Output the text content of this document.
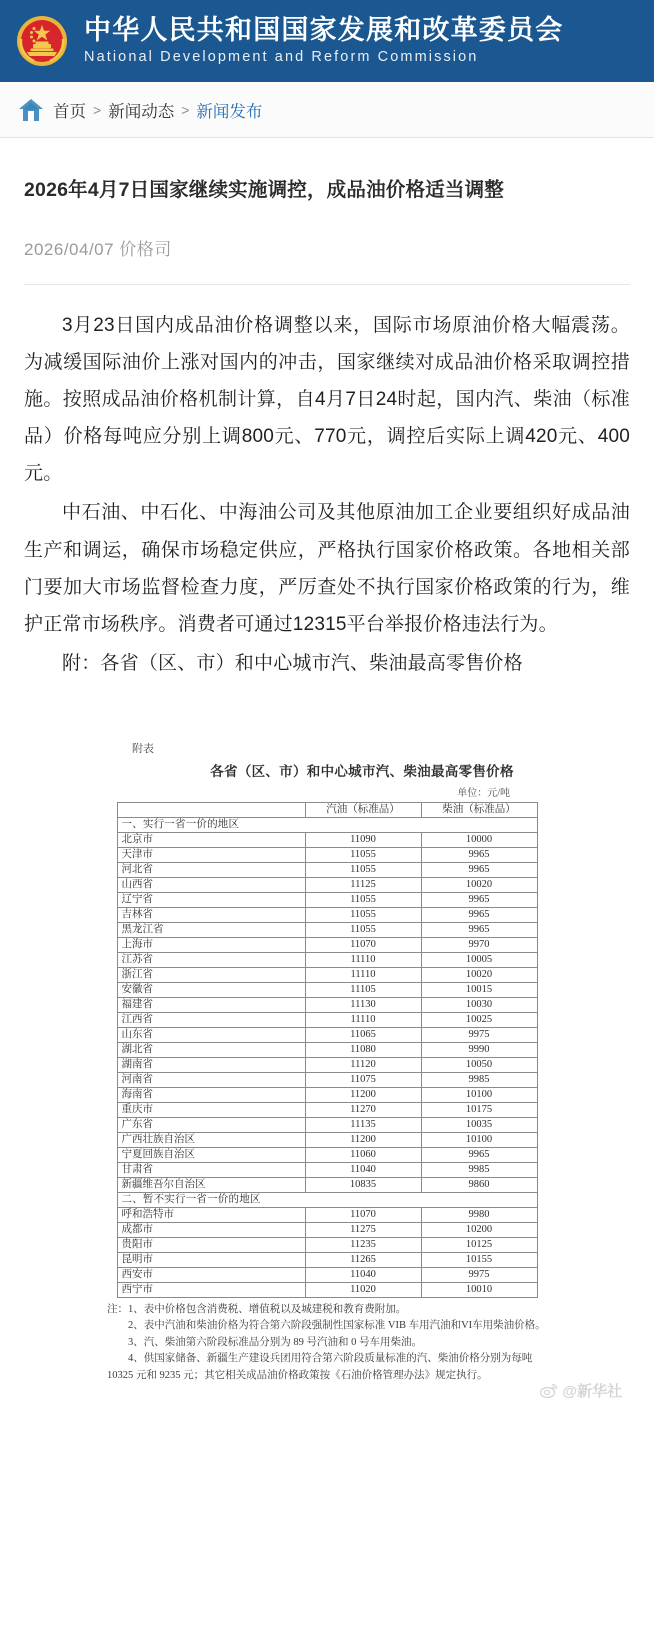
中华人民共和国国家发展和改革委员会
National Development and Reform Commission
首页 > 新闻动态 > 新闻发布
2026年4月7日国家继续实施调控，成品油价格适当调整
2026/04/07 价格司

3月23日国内成品油价格调整以来，国际市场原油价格大幅震荡。为减缓国际油价上涨对国内的冲击，国家继续对成品油价格采取调控措施。按照成品油价格机制计算，自4月7日24时起，国内汽、柴油（标准品）价格每吨应分别上调800元、770元，调控后实际上调420元、400元。

中石油、中石化、中海油公司及其他原油加工企业要组织好成品油生产和调运，确保市场稳定供应，严格执行国家价格政策。各地相关部门要加大市场监督检查力度，严厉查处不执行国家价格政策的行为，维护正常市场秩序。消费者可通过12315平台举报价格违法行为。

附：各省（区、市）和中心城市汽、柴油最高零售价格

附表
各省（区、市）和中心城市汽、柴油最高零售价格
单位：元/吨
	汽油（标准品）	柴油（标准品）
一、实行一省一价的地区		
北京市	11090	10000
天津市	11055	9965
河北省	11055	9965
山西省	11125	10020
辽宁省	11055	9965
吉林省	11055	9965
黑龙江省	11055	9965
上海市	11070	9970
江苏省	11110	10005
浙江省	11110	10020
安徽省	11105	10015
福建省	11130	10030
江西省	11110	10025
山东省	11065	9975
湖北省	11080	9990
湖南省	11120	10050
河南省	11075	9985
海南省	11200	10100
重庆市	11270	10175
广东省	11135	10035
广西壮族自治区	11200	10100
宁夏回族自治区	11060	9965
甘肃省	11040	9985
新疆维吾尔自治区	10835	9860
二、暂不实行一省一价的地区		
呼和浩特市	11070	9980
成都市	11275	10200
贵阳市	11235	10125
昆明市	11265	10155
西安市	11040	9975
西宁市	11020	10010

注：1、表中价格包含消费税、增值税以及城建税和教育费附加。

2、表中汽油和柴油价格为符合第六阶段强制性国家标准 VIB 车用汽油和VI车用柴油价格。

3、汽、柴油第六阶段标准品分别为 89 号汽油和 0 号车用柴油。

4、供国家储备、新疆生产建设兵团用符合第六阶段质量标准的汽、柴油价格分别为每吨 10325 元和 9235 元；其它相关成品油价格政策按《石油价格管理办法》规定执行。

@新华社
